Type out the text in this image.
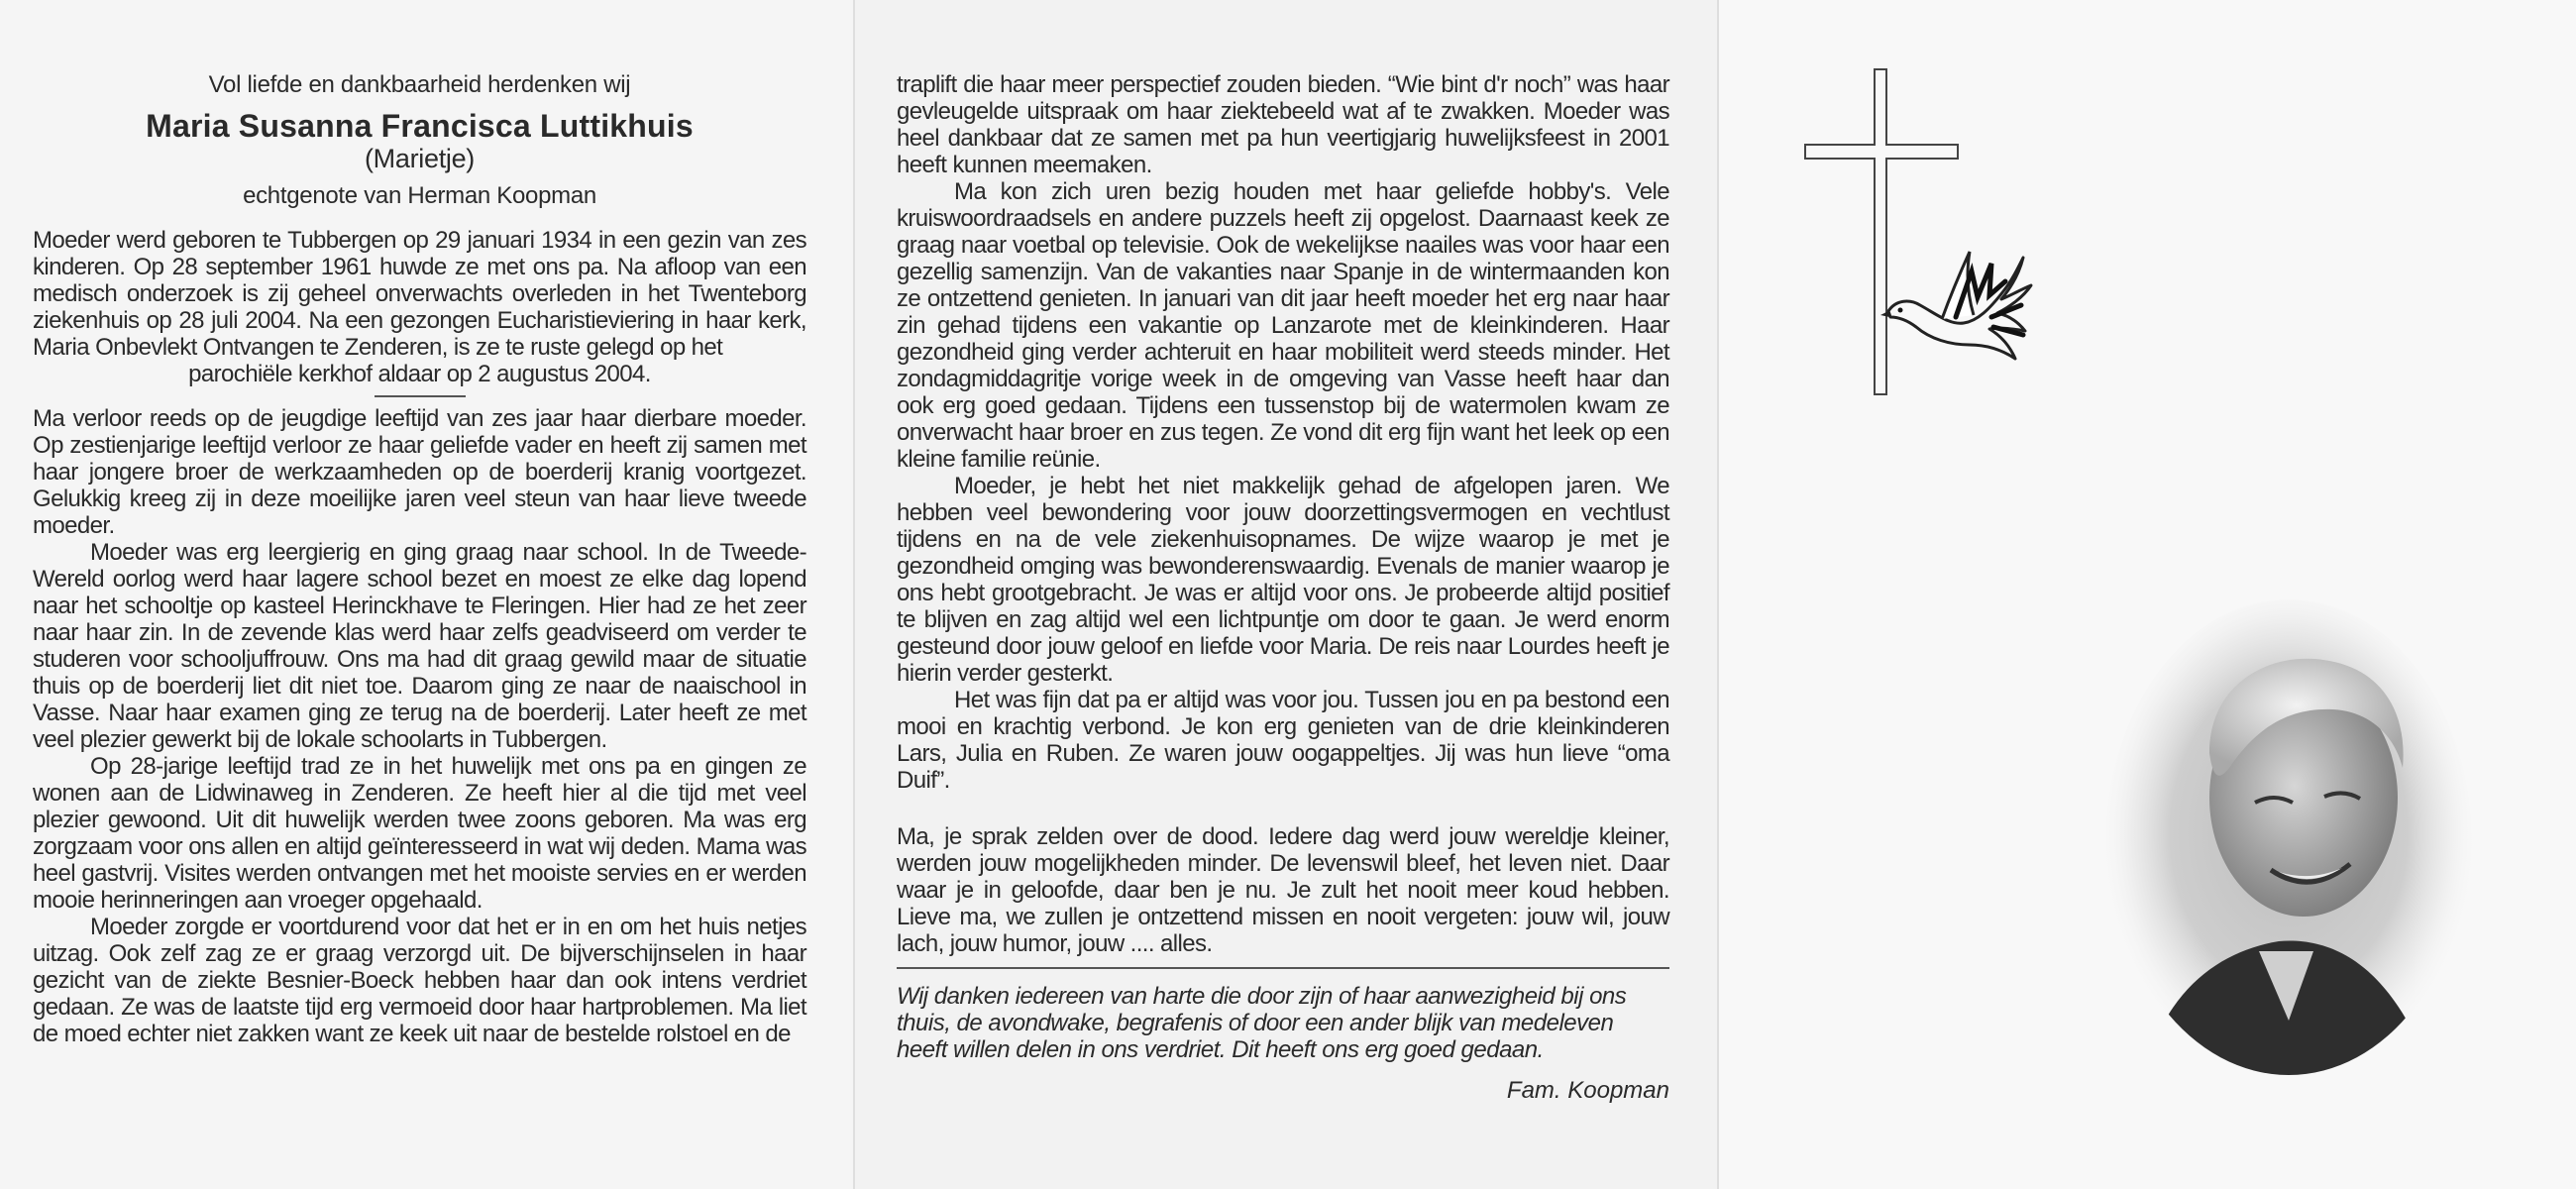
Vol liefde en dankbaarheid herdenken wij
Maria Susanna Francisca Luttikhuis
(Marietje)
echtgenote van Herman Koopman

Moeder werd geboren te Tubbergen op 29 januari 1934 in een gezin van zes kinderen. Op 28 september 1961 huwde ze met ons pa. Na afloop van een medisch onderzoek is zij geheel onverwachts overleden in het Twenteborg ziekenhuis op 28 juli 2004. Na een gezongen Eucharistieviering in haar kerk, Maria Onbevlekt Ontvangen te Zenderen, is ze te ruste gelegd op het

parochiële kerkhof aldaar op 2 augustus 2004.

Ma verloor reeds op de jeugdige leeftijd van zes jaar haar dierbare moeder. Op zestienjarige leeftijd verloor ze haar geliefde vader en heeft zij samen met haar jongere broer de werkzaamheden op de boerderij kranig voortgezet. Gelukkig kreeg zij in deze moeilijke jaren veel steun van haar lieve tweede moeder.

Moeder was erg leergierig en ging graag naar school. In de Tweede-Wereld oorlog werd haar lagere school bezet en moest ze elke dag lopend naar het schooltje op kasteel Herinckhave te Fleringen. Hier had ze het zeer naar haar zin. In de zevende klas werd haar zelfs geadviseerd om verder te studeren voor schooljuffrouw. Ons ma had dit graag gewild maar de situatie thuis op de boerderij liet dit niet toe. Daarom ging ze naar de naaischool in Vasse. Naar haar examen ging ze terug na de boerderij. Later heeft ze met veel plezier gewerkt bij de lokale schoolarts in Tubbergen.

Op 28-jarige leeftijd trad ze in het huwelijk met ons pa en gingen ze wonen aan de Lidwinaweg in Zenderen. Ze heeft hier al die tijd met veel plezier gewoond. Uit dit huwelijk werden twee zoons geboren. Ma was erg zorgzaam voor ons allen en altijd geïnteresseerd in wat wij deden. Mama was heel gastvrij. Visites werden ontvangen met het mooiste servies en er werden mooie herinneringen aan vroeger opgehaald.

Moeder zorgde er voortdurend voor dat het er in en om het huis netjes uitzag. Ook zelf zag ze er graag verzorgd uit. De bijverschijnselen in haar gezicht van de ziekte Besnier-Boeck hebben haar dan ook intens verdriet gedaan. Ze was de laatste tijd erg vermoeid door haar hartproblemen. Ma liet de moed echter niet zakken want ze keek uit naar de bestelde rolstoel en de

traplift die haar meer perspectief zouden bieden. “Wie bint d'r noch” was haar gevleugelde uitspraak om haar ziektebeeld wat af te zwakken. Moeder was heel dankbaar dat ze samen met pa hun veertigjarig huwelijksfeest in 2001 heeft kunnen meemaken.

Ma kon zich uren bezig houden met haar geliefde hobby's. Vele kruiswoordraadsels en andere puzzels heeft zij opgelost. Daarnaast keek ze graag naar voetbal op televisie. Ook de wekelijkse naailes was voor haar een gezellig samenzijn. Van de vakanties naar Spanje in de wintermaanden kon ze ontzettend genieten. In januari van dit jaar heeft moeder het erg naar haar zin gehad tijdens een vakantie op Lanzarote met de kleinkinderen. Haar gezondheid ging verder achteruit en haar mobiliteit werd steeds minder. Het zondagmiddagritje vorige week in de omgeving van Vasse heeft haar dan ook erg goed gedaan. Tijdens een tussenstop bij de watermolen kwam ze onverwacht haar broer en zus tegen. Ze vond dit erg fijn want het leek op een kleine familie reünie.

Moeder, je hebt het niet makkelijk gehad de afgelopen jaren. We hebben veel bewondering voor jouw doorzettingsvermogen en vechtlust tijdens en na de vele ziekenhuisopnames. De wijze waarop je met je gezondheid omging was bewonderenswaardig. Evenals de manier waarop je ons hebt grootgebracht. Je was er altijd voor ons. Je probeerde altijd positief te blijven en zag altijd wel een lichtpuntje om door te gaan. Je werd enorm gesteund door jouw geloof en liefde voor Maria. De reis naar Lourdes heeft je hierin verder gesterkt.

Het was fijn dat pa er altijd was voor jou. Tussen jou en pa bestond een mooi en krachtig verbond. Je kon erg genieten van de drie kleinkinderen Lars, Julia en Ruben. Ze waren jouw oogappeltjes. Jij was hun lieve “oma Duif”.

Ma, je sprak zelden over de dood. Iedere dag werd jouw wereldje kleiner, werden jouw mogelijkheden minder. De levenswil bleef, het leven niet. Daar waar je in geloofde, daar ben je nu. Je zult het nooit meer koud hebben. Lieve ma, we zullen je ontzettend missen en nooit vergeten: jouw wil, jouw lach, jouw humor, jouw .... alles.

Wij danken iedereen van harte die door zijn of haar aanwezigheid bij ons thuis, de avondwake, begrafenis of door een ander blijk van medeleven heeft willen delen in ons verdriet. Dit heeft ons erg goed gedaan.

Fam. Koopman
